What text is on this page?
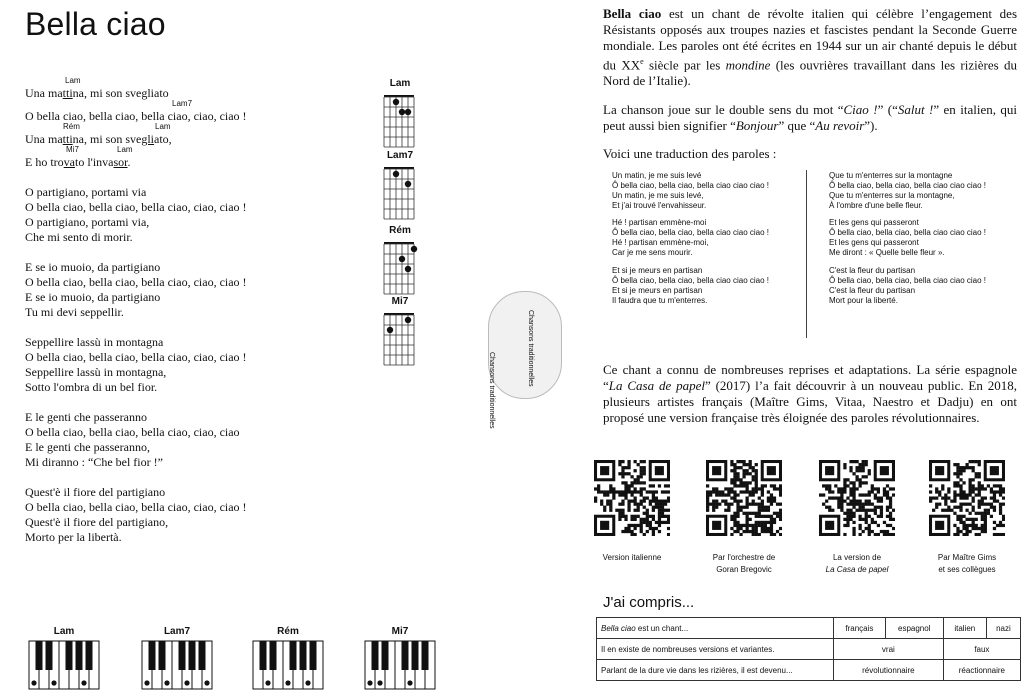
Bella ciao
Una mattina, mi son svegliato
Lam
O bella ciao, bella ciao, bella ciao, ciao, ciao !
Lam7
Una mattina, mi son svegliato,
Rém	Lam
E ho trovato l'invasor.
Mi7	Lam
O partigiano, portami via
O bella ciao, bella ciao, bella ciao, ciao, ciao !
O partigiano, portami via,
Che mi sento di morir.
E se io muoio, da partigiano
O bella ciao, bella ciao, bella ciao, ciao, ciao !
E se io muoio, da partigiano
Tu mi devi seppellir.
Seppellire lassù in montagna
O bella ciao, bella ciao, bella ciao, ciao, ciao !
Seppellire lassù in montagna,
Sotto l'ombra di un bel fior.
E le genti che passeranno
O bella ciao, bella ciao, bella ciao, ciao, ciao
E le genti che passeranno,
Mi diranno : “Che bel fior !”
Quest'è il fiore del partigiano
O bella ciao, bella ciao, bella ciao, ciao, ciao !
Quest'è il fiore del partigiano,
Morto per la libertà.
Lam
Lam7
Rém
Mi7
Lam	Lam7	Rém	Mi7
Chansons traditionnelles
Chansons traditionnelles
Bella ciao est un chant de révolte italien qui célèbre l’engagement des Résistants opposés aux troupes nazies et fascistes pendant la Seconde Guerre mondiale. Les paroles ont été écrites en 1944 sur un air chanté depuis le début du XXe siècle par les mondine (les ouvrières travaillant dans les rizières du Nord de l’Italie).
La chanson joue sur le double sens du mot “Ciao !” (“Salut !” en italien, qui peut aussi bien signifier “Bonjour” que “Au revoir”).
Voici une traduction des paroles :
Un matin, je me suis levé
Ô bella ciao, bella ciao, bella ciao ciao ciao !
Un matin, je me suis levé,
Et j'ai trouvé l'envahisseur.
Hé ! partisan emmène-moi
Ô bella ciao, bella ciao, bella ciao ciao ciao !
Hé ! partisan emmène-moi,
Car je me sens mourir.
Et si je meurs en partisan
Ô bella ciao, bella ciao, bella ciao ciao ciao !
Et si je meurs en partisan
Il faudra que tu m'enterres.
Que tu m'enterres sur la montagne
Ô bella ciao, bella ciao, bella ciao ciao ciao !
Que tu m'enterres sur la montagne,
À l'ombre d'une belle fleur.
Et les gens qui passeront
Ô bella ciao, bella ciao, bella ciao ciao ciao !
Et les gens qui passeront
Me diront : « Quelle belle fleur ».
C'est la fleur du partisan
Ô bella ciao, bella ciao, bella ciao ciao ciao !
C'est la fleur du partisan
Mort pour la liberté.
Ce chant a connu de nombreuses reprises et adaptations. La série espagnole “La Casa de papel” (2017) l’a fait découvrir à un nouveau public. En 2018, plusieurs artistes français (Maître Gims, Vitaa, Naestro et Dadju) en ont proposé une version française très éloignée des paroles révolutionnaires.
Version italienne	Par l'orchestre de
Goran Bregovic
La version de
La Casa de papel
Par Maître Gims
et ses collègues
J'ai compris...
Bella ciao est un chant...	français	espagnol	italien	nazi
Il en existe de nombreuses versions et variantes.	vrai		faux	
Parlant de la dure vie dans les rizières, il est devenu...	révolutionnaire		réactionnaire	
